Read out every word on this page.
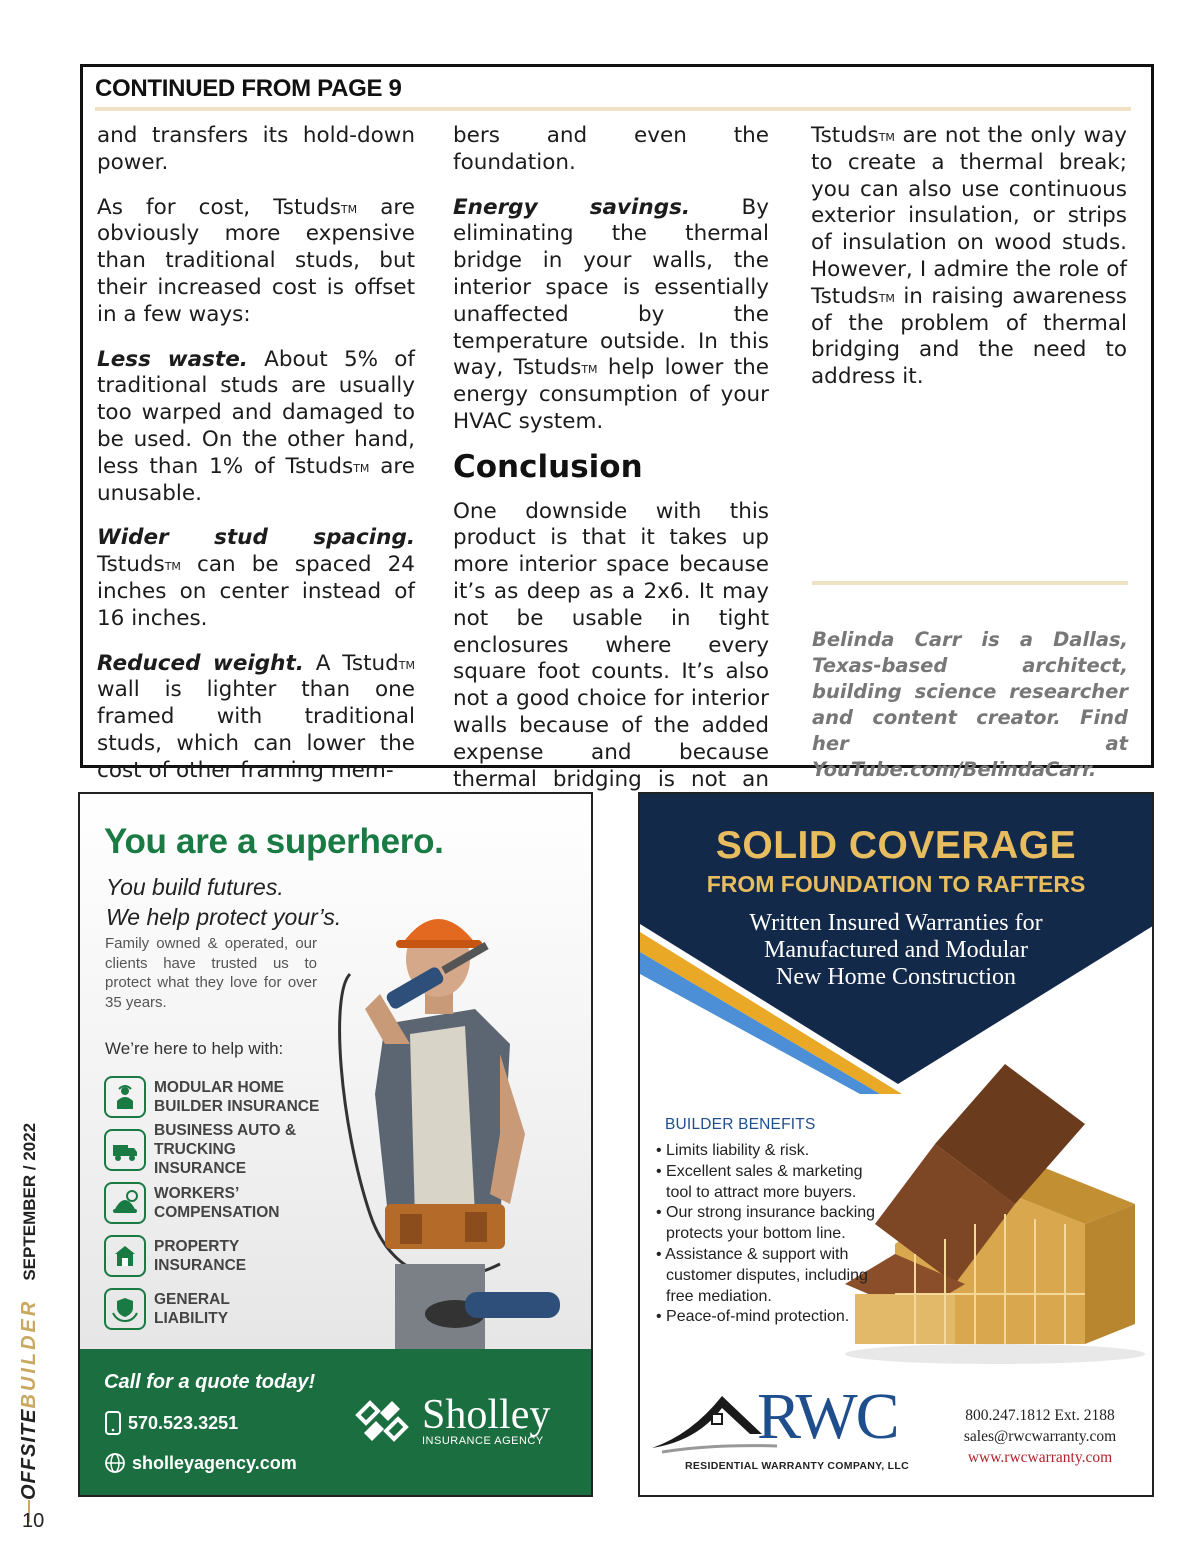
CONTINUED FROM PAGE 9

and transfers its hold-down power.

As for cost, Tstuds™ are obviously more expensive than traditional studs, but their increased cost is offset in a few ways:

Less waste. About 5% of traditional studs are usually too warped and damaged to be used. On the other hand, less than 1% of Tstuds™ are unusable.

Wider stud spacing. Tstuds™ can be spaced 24 inches on center instead of 16 inches.

Reduced weight. A Tstud™ wall is lighter than one framed with traditional studs, which can lower the cost of other framing mem-

bers and even the foundation.

Energy savings. By eliminating the thermal bridge in your walls, the interior space is essentially unaffected by the temperature outside. In this way, Tstuds™ help lower the energy consumption of your HVAC system.

Conclusion

One downside with this product is that it takes up more interior space because it’s as deep as a 2x6. It may not be usable in tight enclosures where every square foot counts. It’s also not a good choice for interior walls because of the added expense and because thermal bridging is not an

Tstuds™ are not the only way to create a thermal break; you can also use continuous exterior insulation, or strips of insulation on wood studs. However, I admire the role of Tstuds™ in raising awareness of the problem of thermal bridging and the need to address it.

Belinda Carr is a Dallas, Texas-based architect, building science researcher and content creator. Find her at YouTube.com/BelindaCarr.
OFFSITEBUILDERSEPTEMBER / 2022
10
You are a superhero.
You build futures.
We help protect your’s.
Family owned & operated, our clients have trusted us to protect what they love for over 35 years.
We’re here to help with:
MODULAR HOME
BUILDER INSURANCE
BUSINESS AUTO &
TRUCKING INSURANCE
WORKERS’
COMPENSATION
PROPERTY
INSURANCE
GENERAL
LIABILITY
Call for a quote today!
570.523.3251
sholleyagency.com
Sholley
INSURANCE AGENCY
SOLID COVERAGE
FROM FOUNDATION TO RAFTERS
Written Insured Warranties for
Manufactured and Modular
New Home Construction
BUILDER BENEFITS
• Limits liability & risk.
• Excellent sales & marketing tool to attract more buyers.
• Our strong insurance backing protects your bottom line.
• Assistance & support with customer disputes, including free mediation.
• Peace-of-mind protection.
RWC
RESIDENTIAL WARRANTY COMPANY, LLC
800.247.1812 Ext. 2188
sales@rwcwarranty.com
www.rwcwarranty.com
